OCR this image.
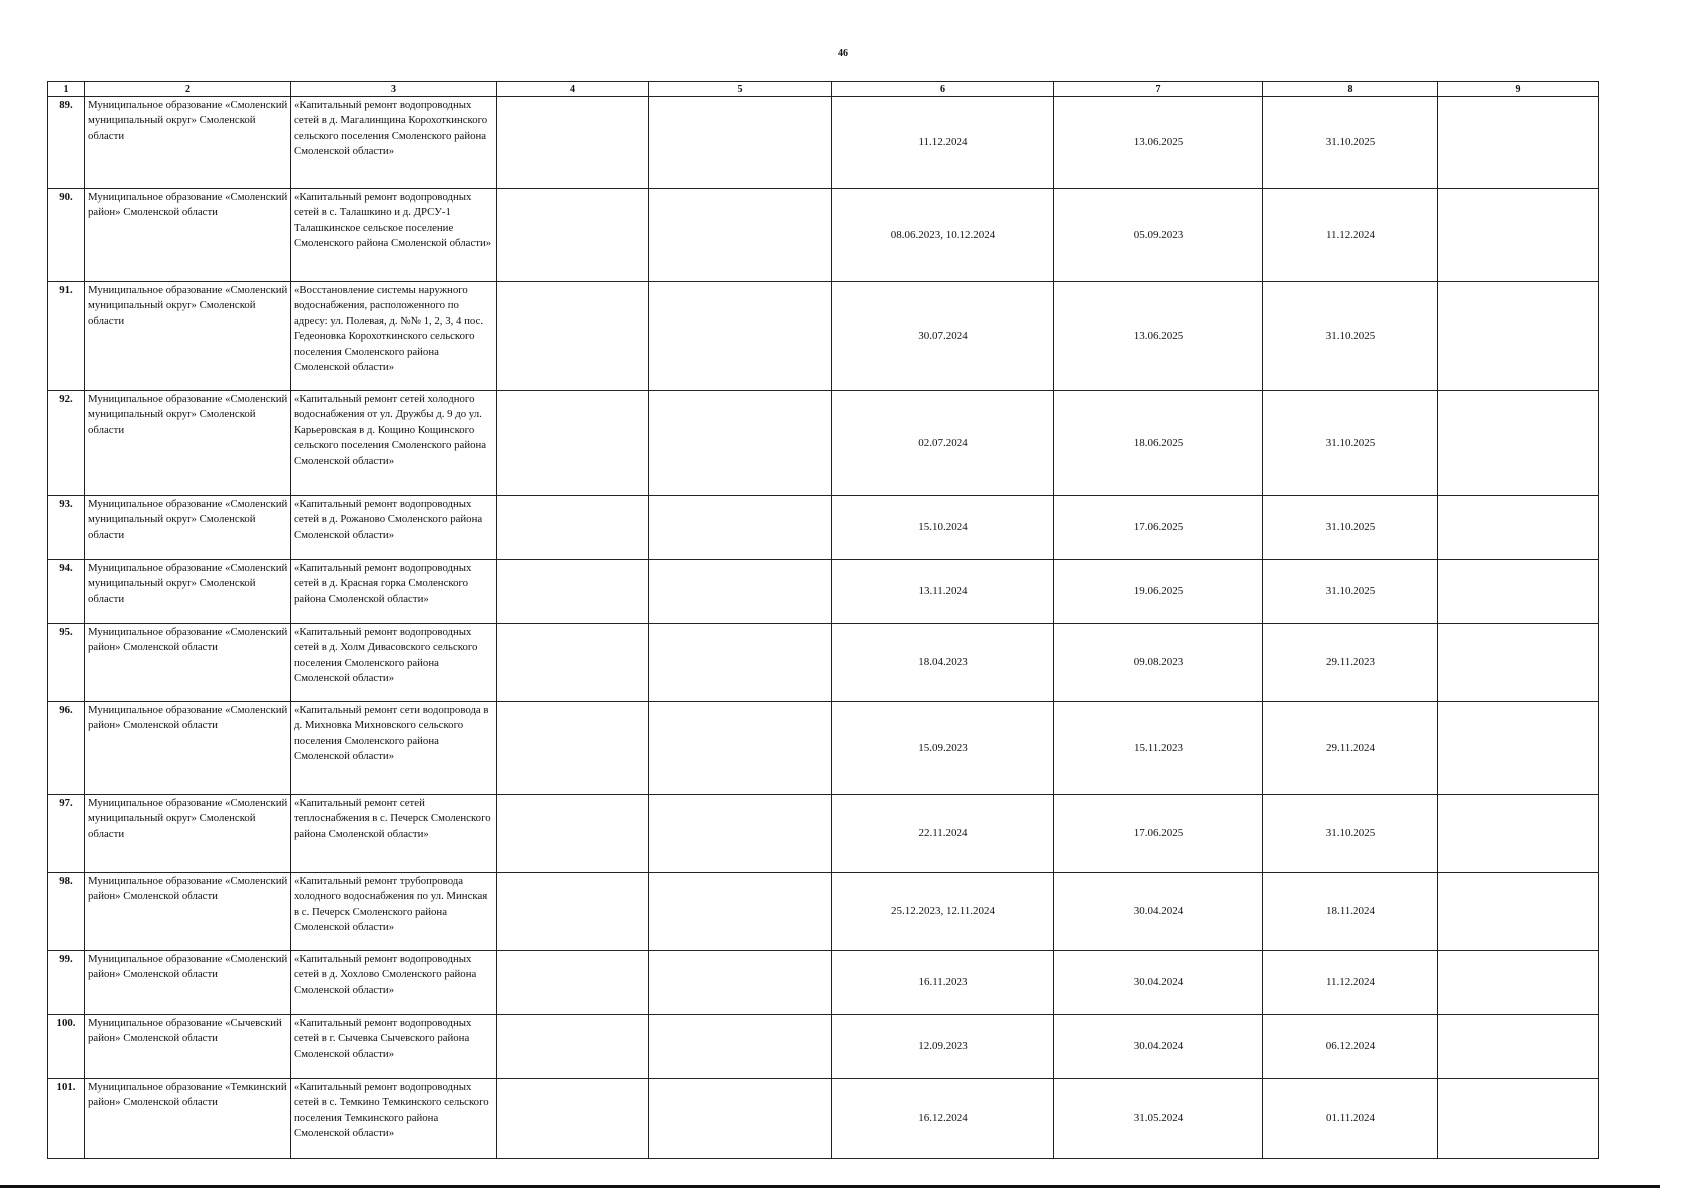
46
1	2	3	4	5	6	7	8	9
89.	Муниципальное образование «Смоленский муниципальный округ» Смоленской области	«Капитальный ремонт водопроводных сетей в д. Магалинщина Корохоткинского сельского поселения Смоленского района Смоленской области»			11.12.2024	13.06.2025	31.10.2025	
90.	Муниципальное образование «Смоленский район» Смоленской области	«Капитальный ремонт водопроводных сетей в с. Талашкино и д. ДРСУ-1 Талашкинское сельское поселение Смоленского района Смоленской области»			08.06.2023, 10.12.2024	05.09.2023	11.12.2024	
91.	Муниципальное образование «Смоленский муниципальный округ» Смоленской области	«Восстановление системы наружного водоснабжения, расположенного по адресу: ул. Полевая, д. №№ 1, 2, 3, 4 пос. Гедеоновка Корохоткинского сельского поселения Смоленского района Смоленской области»			30.07.2024	13.06.2025	31.10.2025	
92.	Муниципальное образование «Смоленский муниципальный округ» Смоленской области	«Капитальный ремонт сетей холодного водоснабжения от ул. Дружбы д. 9 до ул. Карьеровская в д. Кощино Кощинского сельского поселения Смоленского района Смоленской области»			02.07.2024	18.06.2025	31.10.2025	
93.	Муниципальное образование «Смоленский муниципальный округ» Смоленской области	«Капитальный ремонт водопроводных сетей в д. Рожаново Смоленского района Смоленской области»			15.10.2024	17.06.2025	31.10.2025	
94.	Муниципальное образование «Смоленский муниципальный округ» Смоленской области	«Капитальный ремонт водопроводных сетей в д. Красная горка Смоленского района Смоленской области»			13.11.2024	19.06.2025	31.10.2025	
95.	Муниципальное образование «Смоленский район» Смоленской области	«Капитальный ремонт водопроводных сетей в д. Холм Дивасовского сельского поселения Смоленского района Смоленской области»			18.04.2023	09.08.2023	29.11.2023	
96.	Муниципальное образование «Смоленский район» Смоленской области	«Капитальный ремонт сети водопровода в д. Михновка Михновского сельского поселения Смоленского района Смоленской области»			15.09.2023	15.11.2023	29.11.2024	
97.	Муниципальное образование «Смоленский муниципальный округ» Смоленской области	«Капитальный ремонт сетей теплоснабжения в с. Печерск Смоленского района Смоленской области»			22.11.2024	17.06.2025	31.10.2025	
98.	Муниципальное образование «Смоленский район» Смоленской области	«Капитальный ремонт трубопровода холодного водоснабжения по ул. Минская в с. Печерск Смоленского района Смоленской области»			25.12.2023, 12.11.2024	30.04.2024	18.11.2024	
99.	Муниципальное образование «Смоленский район» Смоленской области	«Капитальный ремонт водопроводных сетей в д. Хохлово Смоленского района Смоленской области»			16.11.2023	30.04.2024	11.12.2024	
100.	Муниципальное образование «Сычевский район» Смоленской области	«Капитальный ремонт водопроводных сетей в г. Сычевка Сычевского района Смоленской области»			12.09.2023	30.04.2024	06.12.2024	
101.	Муниципальное образование «Темкинский район» Смоленской области	«Капитальный ремонт водопроводных сетей в с. Темкино Темкинского сельского поселения Темкинского района Смоленской области»			16.12.2024	31.05.2024	01.11.2024	
